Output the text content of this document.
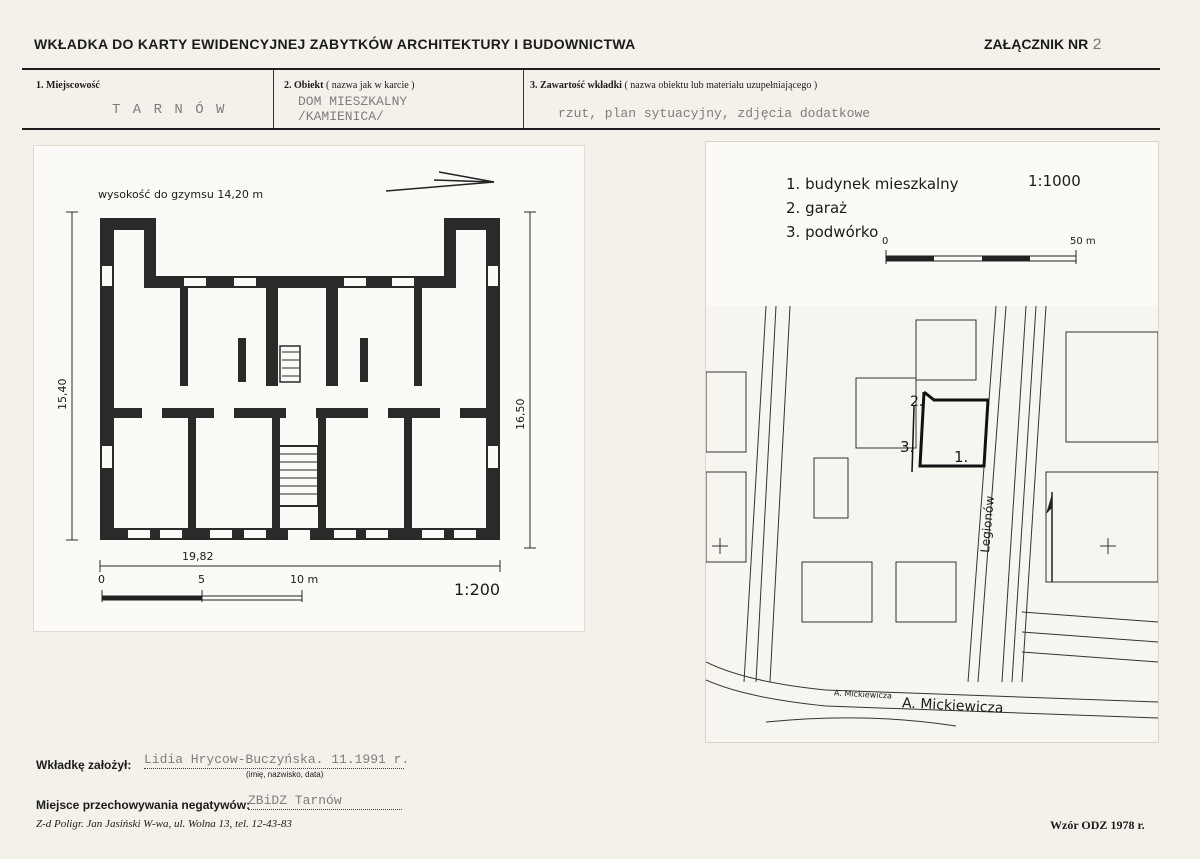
WKŁADKA DO KARTY EWIDENCYJNEJ ZABYTKÓW ARCHITEKTURY I BUDOWNICTWA	ZAŁĄCZNIK NR 2
1. Miejscowość
T A R N Ó W
2. Obiekt ( nazwa jak w karcie )
DOM MIESZKALNY
/KAMIENICA/
3. Zawartość wkładki ( nazwa obiektu lub materiału uzupełniającego )
rzut, plan sytuacyjny, zdjęcia dodatkowe
wysokość do gzymsu 14,20 m
15,40
16,50
19,82
0	5	10 m
1:200
1. budynek mieszkalny
2. garaż
3. podwórko
1:1000
0	50 m
1.
2.
3.
A. Mickiewicza
A. Mickiewicza
Legionów
Wkładkę założył: Lidia Hrycow-Buczyńska. 11.1991 r.
(imię, nazwisko, data)
Miejsce przechowywania negatywów:
ZBiDZ Tarnów
Z-d Poligr. Jan Jasiński W-wa, ul. Wolna 13, tel. 12-43-83	Wzór ODZ 1978 r.
